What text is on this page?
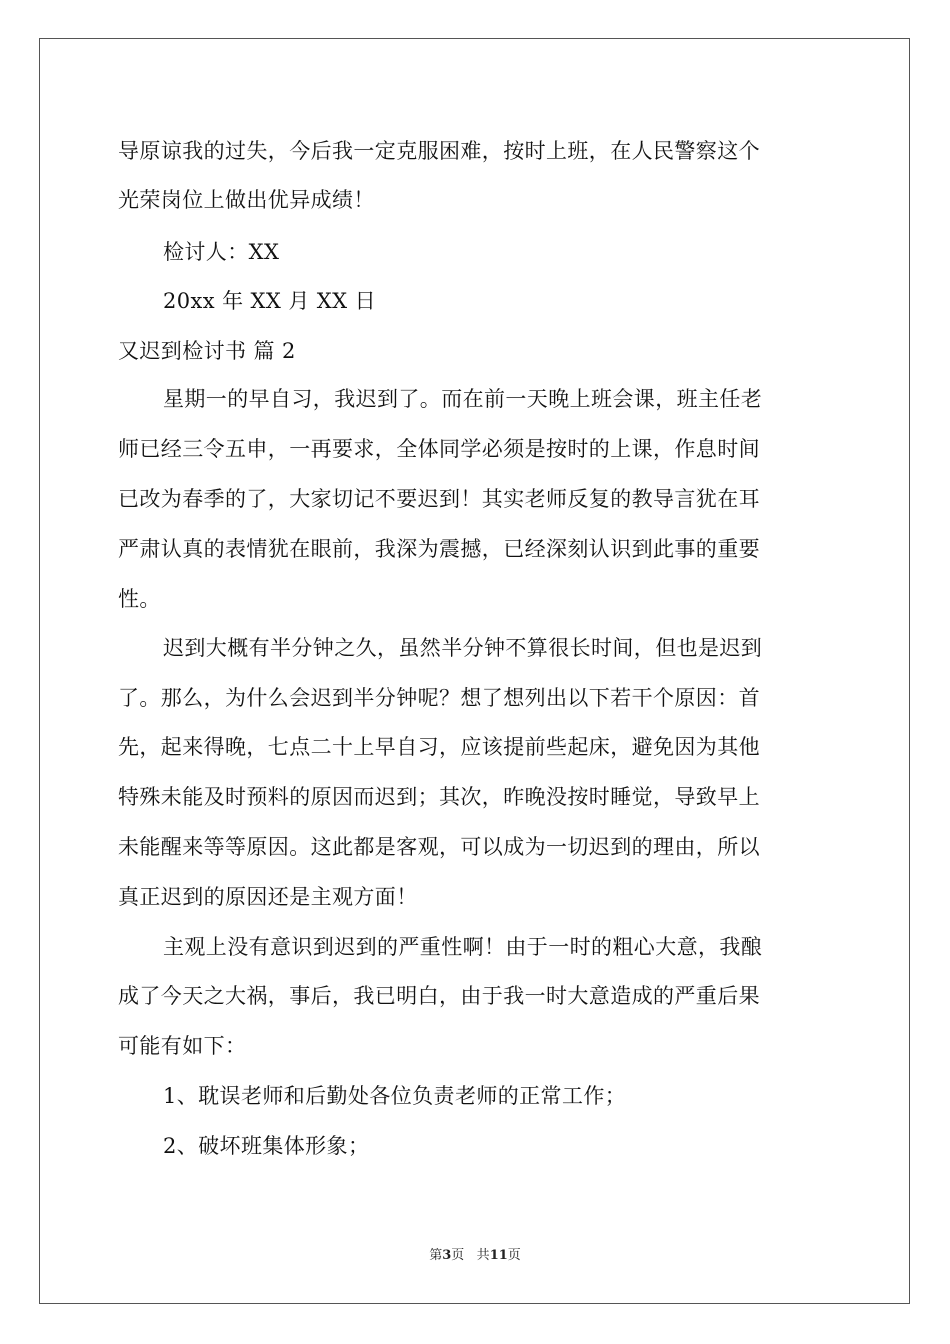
导原谅我的过失，今后我一定克服困难，按时上班，在人民警察这个
光荣岗位上做出优异成绩！
检讨人：XX
20xx 年 XX 月 XX 日
又迟到检讨书 篇 2
星期一的早自习，我迟到了。而在前一天晚上班会课，班主任老
师已经三令五申，一再要求，全体同学必须是按时的上课，作息时间
已改为春季的了，大家切记不要迟到！其实老师反复的教导言犹在耳
严肃认真的表情犹在眼前，我深为震撼，已经深刻认识到此事的重要
性。
迟到大概有半分钟之久，虽然半分钟不算很长时间，但也是迟到
了。那么，为什么会迟到半分钟呢？想了想列出以下若干个原因：首
先，起来得晚，七点二十上早自习，应该提前些起床，避免因为其他
特殊未能及时预料的原因而迟到；其次，昨晚没按时睡觉，导致早上
未能醒来等等原因。这此都是客观，可以成为一切迟到的理由，所以
真正迟到的原因还是主观方面！
主观上没有意识到迟到的严重性啊！由于一时的粗心大意，我酿
成了今天之大祸，事后，我已明白，由于我一时大意造成的严重后果
可能有如下：
1、耽误老师和后勤处各位负责老师的正常工作；
2、破坏班集体形象；
第3页 共11页
